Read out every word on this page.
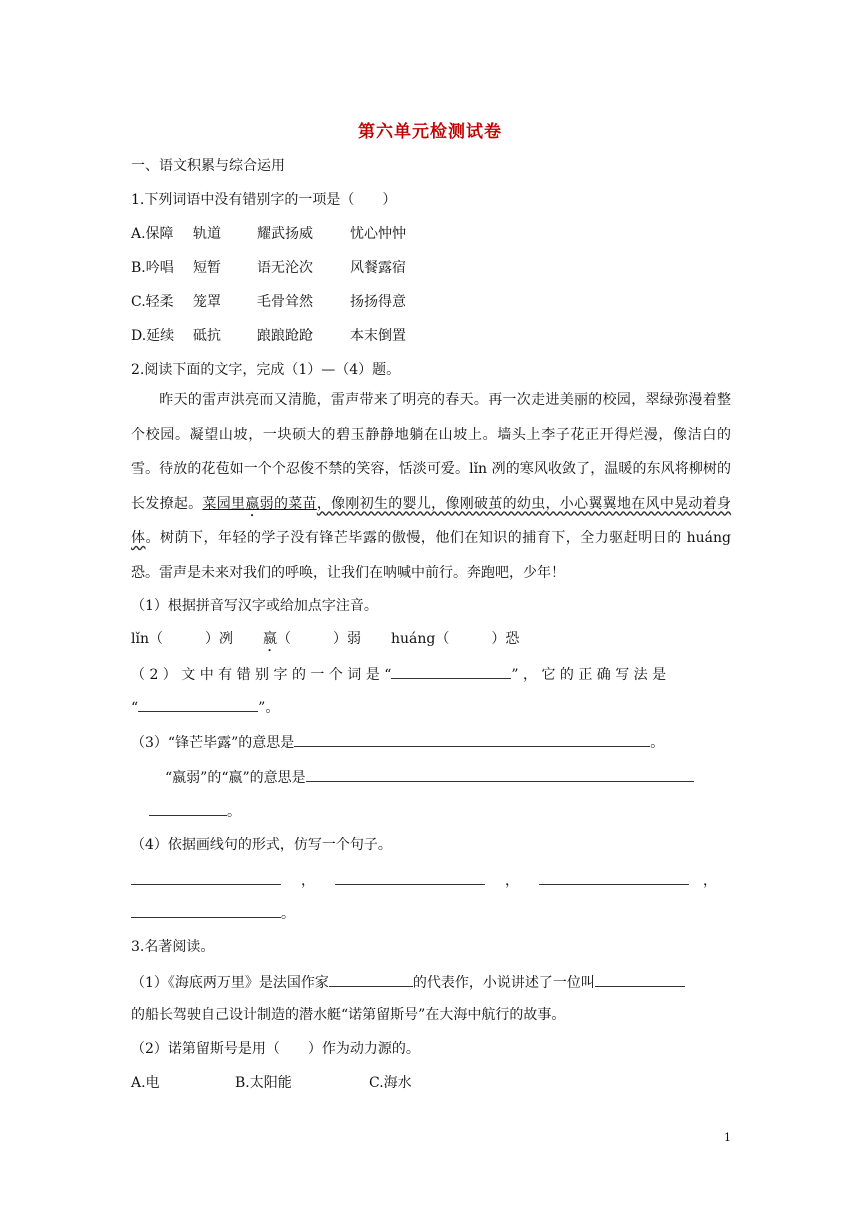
第六单元检测试卷
一、语文积累与综合运用
1.下列词语中没有错别字的一项是（　　）
A.保障 轨道	耀武扬威	忧心忡忡
B.吟唱 短暂	语无沦次	风餐露宿
C.轻柔 笼罩	毛骨耸然	扬扬得意
D.延续 砥抗	踉踉跄跄	本末倒置
2.阅读下面的文字，完成（1）—（4）题。
昨天的雷声洪亮而又清脆，雷声带来了明亮的春天。再一次走进美丽的校园，翠绿弥漫着整个校园。凝望山坡，一块硕大的碧玉静静地躺在山坡上。墙头上李子花正开得烂漫，像洁白的雪。待放的花苞如一个个忍俊不禁的笑容，恬淡可爱。lǐn 冽的寒风收敛了，温暖的东风将柳树的长发撩起。菜园里嬴弱的菜苗，像刚初生的婴儿，像刚破茧的幼虫，小心翼翼地在风中晃动着身体。树荫下，年轻的学子没有锋芒毕露的傲慢，他们在知识的捕育下，全力驱赶明日的 huáng 恐。雷声是未来对我们的呼唤，让我们在呐喊中前行。奔跑吧，少年！
（1）根据拼音写汉字或给加点字注音。
lǐn（　　　）冽 嬴（　　　）弱 huáng（　　　）恐
（ 2 ） 文 中 有 错 别 字 的 一 个 词 是 “	” ， 它 的 正 确 写 法 是
“	”。
（3）“锋芒毕露”的意思是	。
“嬴弱”的“嬴”的意思是
。
（4）依据画线句的形式，仿写一个句子。
，	，	，
。
3.名著阅读。
（1）《海底两万里》是法国作家	的代表作，小说讲述了一位叫
的船长驾驶自己设计制造的潜水艇“诺第留斯号”在大海中航行的故事。
（2）诺第留斯号是用（　　）作为动力源的。
A.电	B.太阳能	C.海水
1
